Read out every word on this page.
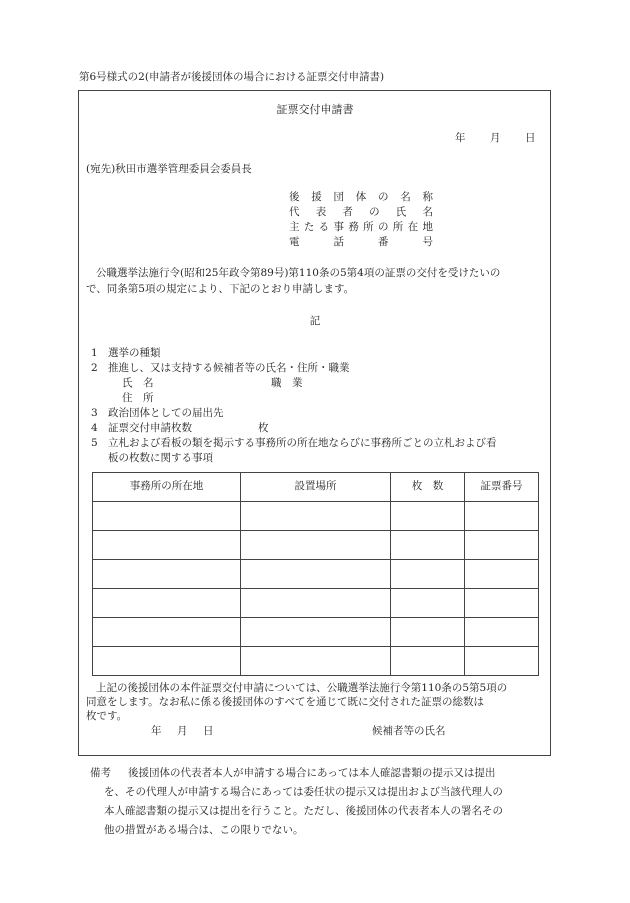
第6号様式の2(申請者が後援団体の場合における証票交付申請書)
証票交付申請書
年 月 日
(宛先)秋田市選挙管理委員会委員長
後 援 団 体 の 名 称
代 表 者 の 氏 名
主 た る 事 務 所 の 所 在 地
電	話	番	号
公職選挙法施行令(昭和25年政令第89号)第110条の5第4項の証票の交付を受けたいの
で、同条第5項の規定により、下記のとおり申請します。
記
1 選挙の種類
2 推進し、又は支持する候補者等の氏名・住所・職業
氏　名	職　業
住　所
3 政治団体としての届出先
4 証票交付申請枚数	枚
5 立札および看板の類を掲示する事務所の所在地ならびに事務所ごとの立札および看
板の枚数に関する事項
事務所の所在地	設置場所	枚　数	証票番号

上記の後援団体の本件証票交付申請については、公職選挙法施行令第110条の5第5項の
同意をします。なお私に係る後援団体のすべてを通じて既に交付された証票の総数は
枚です。
年 月 日	候補者等の氏名
備考 後援団体の代表者本人が申請する場合にあっては本人確認書類の提示又は提出
を、その代理人が申請する場合にあっては委任状の提示又は提出および当該代理人の
本人確認書類の提示又は提出を行うこと。ただし、後援団体の代表者本人の署名その
他の措置がある場合は、この限りでない。
